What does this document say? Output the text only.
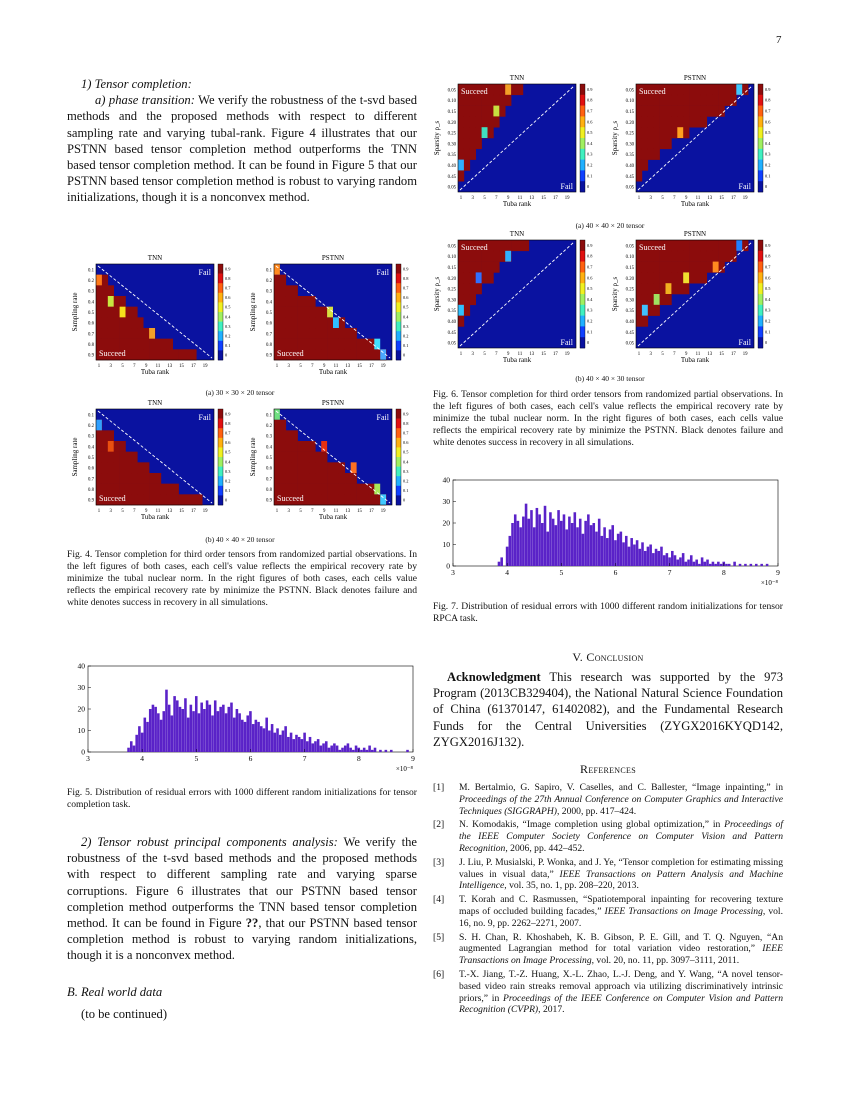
7
1) Tensor completion:
a) phase transition: We verify the robustness of the t-svd based methods and the proposed methods with respect to different sampling rate and varying tubal-rank. Figure 4 illustrates that our PSTNN based tensor completion method outperforms the TNN based tensor completion method. It can be found in Figure 5 that our PSTNN based tensor completion method is robust to varying random initializations, though it is a nonconvex method.
TNN
Fail
Succeed
0.1
0.2
0.3
0.4
0.5
0.6
0.7
0.8
0.9
1 3 5 7 9 11 13 15 17 19
Tuba rank
Sampling rate
0.9
0.8
0.7
0.6
0.5
0.4
0.3
0.2
0.1
0
PSTNN
Fail
Succeed
0.1
0.2
0.3
0.4
0.5
0.6
0.7
0.8
0.9
1 3 5 7 9 11 13 15 17 19
Tuba rank
Sampling rate
0.9
0.8
0.7
0.6
0.5
0.4
0.3
0.2
0.1
0
(a) 30 × 30 × 20 tensor
TNN
Fail
Succeed
0.1
0.2
0.3
0.4
0.5
0.6
0.7
0.8
0.9
1 3 5 7 9 11 13 15 17 19
Tuba rank
Sampling rate
0.9
0.8
0.7
0.6
0.5
0.4
0.3
0.2
0.1
0
PSTNN
Fail
Succeed
0.1
0.2
0.3
0.4
0.5
0.6
0.7
0.8
0.9
1 3 5 7 9 11 13 15 17 19
Tuba rank
Sampling rate
0.9
0.8
0.7
0.6
0.5
0.4
0.3
0.2
0.1
0
(b) 40 × 40 × 20 tensor
Fig. 4. Tensor completion for third order tensors from randomized partial observations. In the left figures of both cases, each cell's value reflects the empirical recovery rate by minimize the tubal nuclear norm. In the right figures of both cases, each cells value reflects the empirical recovery rate by minimize the PSTNN. Black denotes failure and white denotes success in recovery in all simulations.
0
10
20
30
40
3	4	5	6	7	8	9
×10⁻⁸
Fig. 5. Distribution of residual errors with 1000 different random initializations for tensor completion task.
2) Tensor robust principal components analysis: We verify the robustness of the t-svd based methods and the proposed methods with respect to different sampling rate and varying sparse corruptions. Figure 6 illustrates that our PSTNN based tensor completion method outperforms the TNN based tensor completion method. It can be found in Figure ??, that our PSTNN based tensor completion method is robust to varying random initializations, though it is a nonconvex method.
B. Real world data
(to be continued)
TNN
Succeed
Fail
0.05
0.10
0.15
0.20
0.25
0.30
0.35
0.40
0.45
0.05
1 3 5 7 9 11 13 15 17 19
Tuba rank
Sparsity ρ_s
0.9
0.8
0.7
0.6
0.5
0.4
0.3
0.2
0.1
0
PSTNN
Succeed
Fail
0.05
0.10
0.15
0.20
0.25
0.30
0.35
0.40
0.45
0.05
1 3 5 7 9 11 13 15 17 19
Tuba rank
Sparsity ρ_s
0.9
0.8
0.7
0.6
0.5
0.4
0.3
0.2
0.1
0
(a) 40 × 40 × 20 tensor
TNN
Succeed
Fail
0.05
0.10
0.15
0.20
0.25
0.30
0.35
0.40
0.45
0.05
1 3 5 7 9 11 13 15 17 19
Tuba rank
Sparsity ρ_s
0.9
0.8
0.7
0.6
0.5
0.4
0.3
0.2
0.1
0
PSTNN
Succeed
Fail
0.05
0.10
0.15
0.20
0.25
0.30
0.35
0.40
0.45
0.05
1 3 5 7 9 11 13 15 17 19
Tuba rank
Sparsity ρ_s
0.9
0.8
0.7
0.6
0.5
0.4
0.3
0.2
0.1
0
(b) 40 × 40 × 30 tensor
Fig. 6. Tensor completion for third order tensors from randomized partial observations. In the left figures of both cases, each cell's value reflects the empirical recovery rate by minimize the tubal nuclear norm. In the right figures of both cases, each cells value reflects the empirical recovery rate by minimize the PSTNN. Black denotes failure and white denotes success in recovery in all simulations.
0
10
20
30
40
3	4	5	6	7	8	9
×10⁻⁸
Fig. 7. Distribution of residual errors with 1000 different random initializations for tensor RPCA task.
V. Conclusion
Acknowledgment This research was supported by the 973 Program (2013CB329404), the National Natural Science Foundation of China (61370147, 61402082), and the Fundamental Research Funds for the Central Universities (ZYGX2016KYQD142, ZYGX2016J132).
References
[1] M. Bertalmio, G. Sapiro, V. Caselles, and C. Ballester, “Image inpainting,” in Proceedings of the 27th Annual Conference on Computer Graphics and Interactive Techniques (SIGGRAPH), 2000, pp. 417–424.
[2] N. Komodakis, “Image completion using global optimization,” in Proceedings of the IEEE Computer Society Conference on Computer Vision and Pattern Recognition, 2006, pp. 442–452.
[3] J. Liu, P. Musialski, P. Wonka, and J. Ye, “Tensor completion for estimating missing values in visual data,” IEEE Transactions on Pattern Analysis and Machine Intelligence, vol. 35, no. 1, pp. 208–220, 2013.
[4] T. Korah and C. Rasmussen, “Spatiotemporal inpainting for recovering texture maps of occluded building facades,” IEEE Transactions on Image Processing, vol. 16, no. 9, pp. 2262–2271, 2007.
[5] S. H. Chan, R. Khoshabeh, K. B. Gibson, P. E. Gill, and T. Q. Nguyen, “An augmented Lagrangian method for total variation video restoration,” IEEE Transactions on Image Processing, vol. 20, no. 11, pp. 3097–3111, 2011.
[6] T.-X. Jiang, T.-Z. Huang, X.-L. Zhao, L.-J. Deng, and Y. Wang, “A novel tensor-based video rain streaks removal approach via utilizing discriminatively intrinsic priors,” in Proceedings of the IEEE Conference on Computer Vision and Pattern Recognition (CVPR), 2017.
